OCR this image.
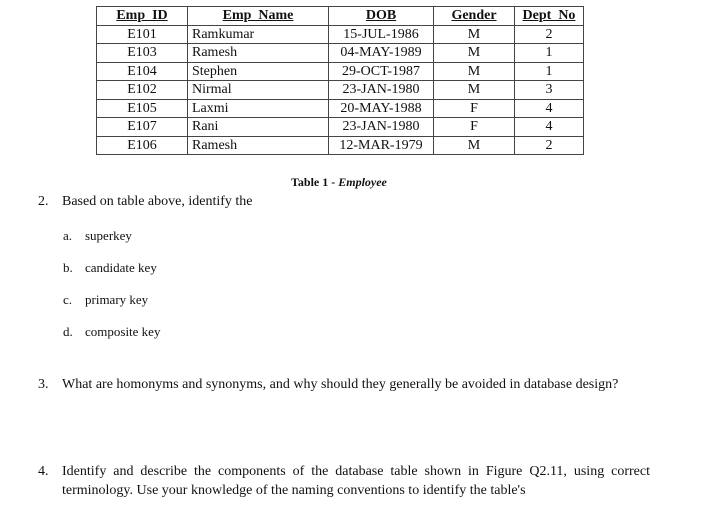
Emp_ID	Emp_Name	DOB	Gender	Dept_No
E101	Ramkumar	15-JUL-1986	M	2
E103	Ramesh	04-MAY-1989	M	1
E104	Stephen	29-OCT-1987	M	1
E102	Nirmal	23-JAN-1980	M	3
E105	Laxmi	20-MAY-1988	F	4
E107	Rani	23-JAN-1980	F	4
E106	Ramesh	12-MAR-1979	M	2
Table 1 - Employee
2. Based on table above, identify the
a. superkey
b. candidate key
c. primary key
d. composite key
3. What are homonyms and synonyms, and why should they generally be avoided in database design?
4. Identify and describe the components of the database table shown in Figure Q2.11, using correct terminology. Use your knowledge of the naming conventions to identify the table's
